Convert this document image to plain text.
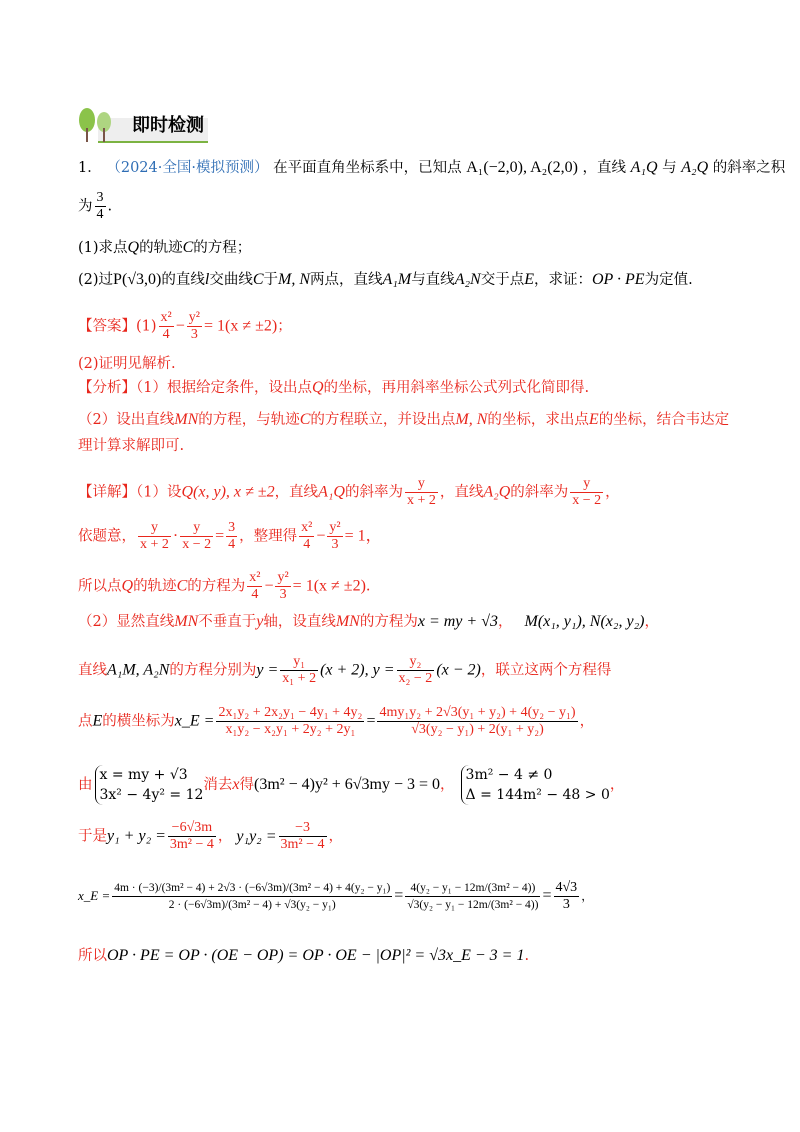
即时检测
1． （2024·全国·模拟预测） 在平面直角坐标系中，已知点 A₁(−2,0), A₂(2,0) ，直线 A₁Q 与 A₂Q 的斜率之积
为 $\frac{3}{4}$ .
(1)求点Q的轨迹C的方程；
(2)过P(√3,0)的直线l交曲线C于M, N两点，直线A₁M与直线A₂N交于点E，求证：OP · PE为定值.
【答案】$(1) \frac{\text{x²}}{4} - \frac{\text{y²}}{3} = 1(x \ne \pm 2)$；
(2)证明见解析.
【分析】（1）根据给定条件，设出点Q的坐标，再用斜率坐标公式列式化简即得.
（2）设出直线MN的方程，与轨迹C的方程联立，并设出点M, N的坐标，求出点E的坐标，结合韦达定
理计算求解即可.
【详解】（1）设Q(x, y), x ≠ ±2，直线A₁Q的斜率为 $\frac{y}{x + 2}$ ，直线A₂Q的斜率为 $\frac{y}{x - 2}$ ，
依题意， $\frac{y}{x + 2} \cdot \frac{y}{x - 2} = \frac{3}{4}$ ，整理得 $\frac{\text{x²}}{4} - \frac{\text{y²}}{3} = 1$，
所以点Q的轨迹C的方程为 $\frac{\text{x²}}{4} - \frac{\text{y²}}{3} = 1(x \ne \pm 2)$.
（2）显然直线MN不垂直于y轴，设直线MN的方程为x = my + √3， M(x₁, y₁), N(x₂, y₂)，
直线A₁M, A₂N的方程分别为$y = \frac{\text{y₁}}{\text{x₁ + 2}} (x + 2)$, $y = \frac{\text{y₂}}{\text{x₂ − 2}} (x - 2)$，联立这两个方程得
点E的横坐标为x_E = $\frac{\text{2x₁y₂ + 2x₂y₁ − 4y₁ + 4y₂}}{\text{x₁y₂ − x₂y₁ + 2y₂ + 2y₁}} = \frac{\text{4my₁y₂ + 2√3(y₁ + y₂) + 4(y₂ − y₁)}}{\text{√3(y₂ − y₁) + 2(y₁ + y₂)}}$ ，
由
x = my + √3
3x² − 4y² = 12
消去x得(3m² − 4)y² + 6√3my − 3 = 0，
3m² − 4 ≠ 0
Δ = 144m² − 48 > 0
，
于是$y_1 + y_2 = \frac{-6√3m}{\text{3m² − 4}}$ ， $y_1y_2 = \frac{-3}{\text{3m² − 4}}$ ，
x_E = $\frac{\text{4m · (−3)/(3m² − 4) + 2√3 · (−6√3m)/(3m² − 4) + 4(y₂ − y₁)}}{\text{2 · (−6√3m)/(3m² − 4) + √3(y₂ − y₁)}} = \frac{\text{4(y₂ − y₁ − 12m/(3m² − 4))}}{\text{√3(y₂ − y₁ − 12m/(3m² − 4))}} = \frac{4√3}{3}$ ，
所以OP · PE = OP · (OE − OP) = OP · OE − |OP|² = √3x_E − 3 = 1.
